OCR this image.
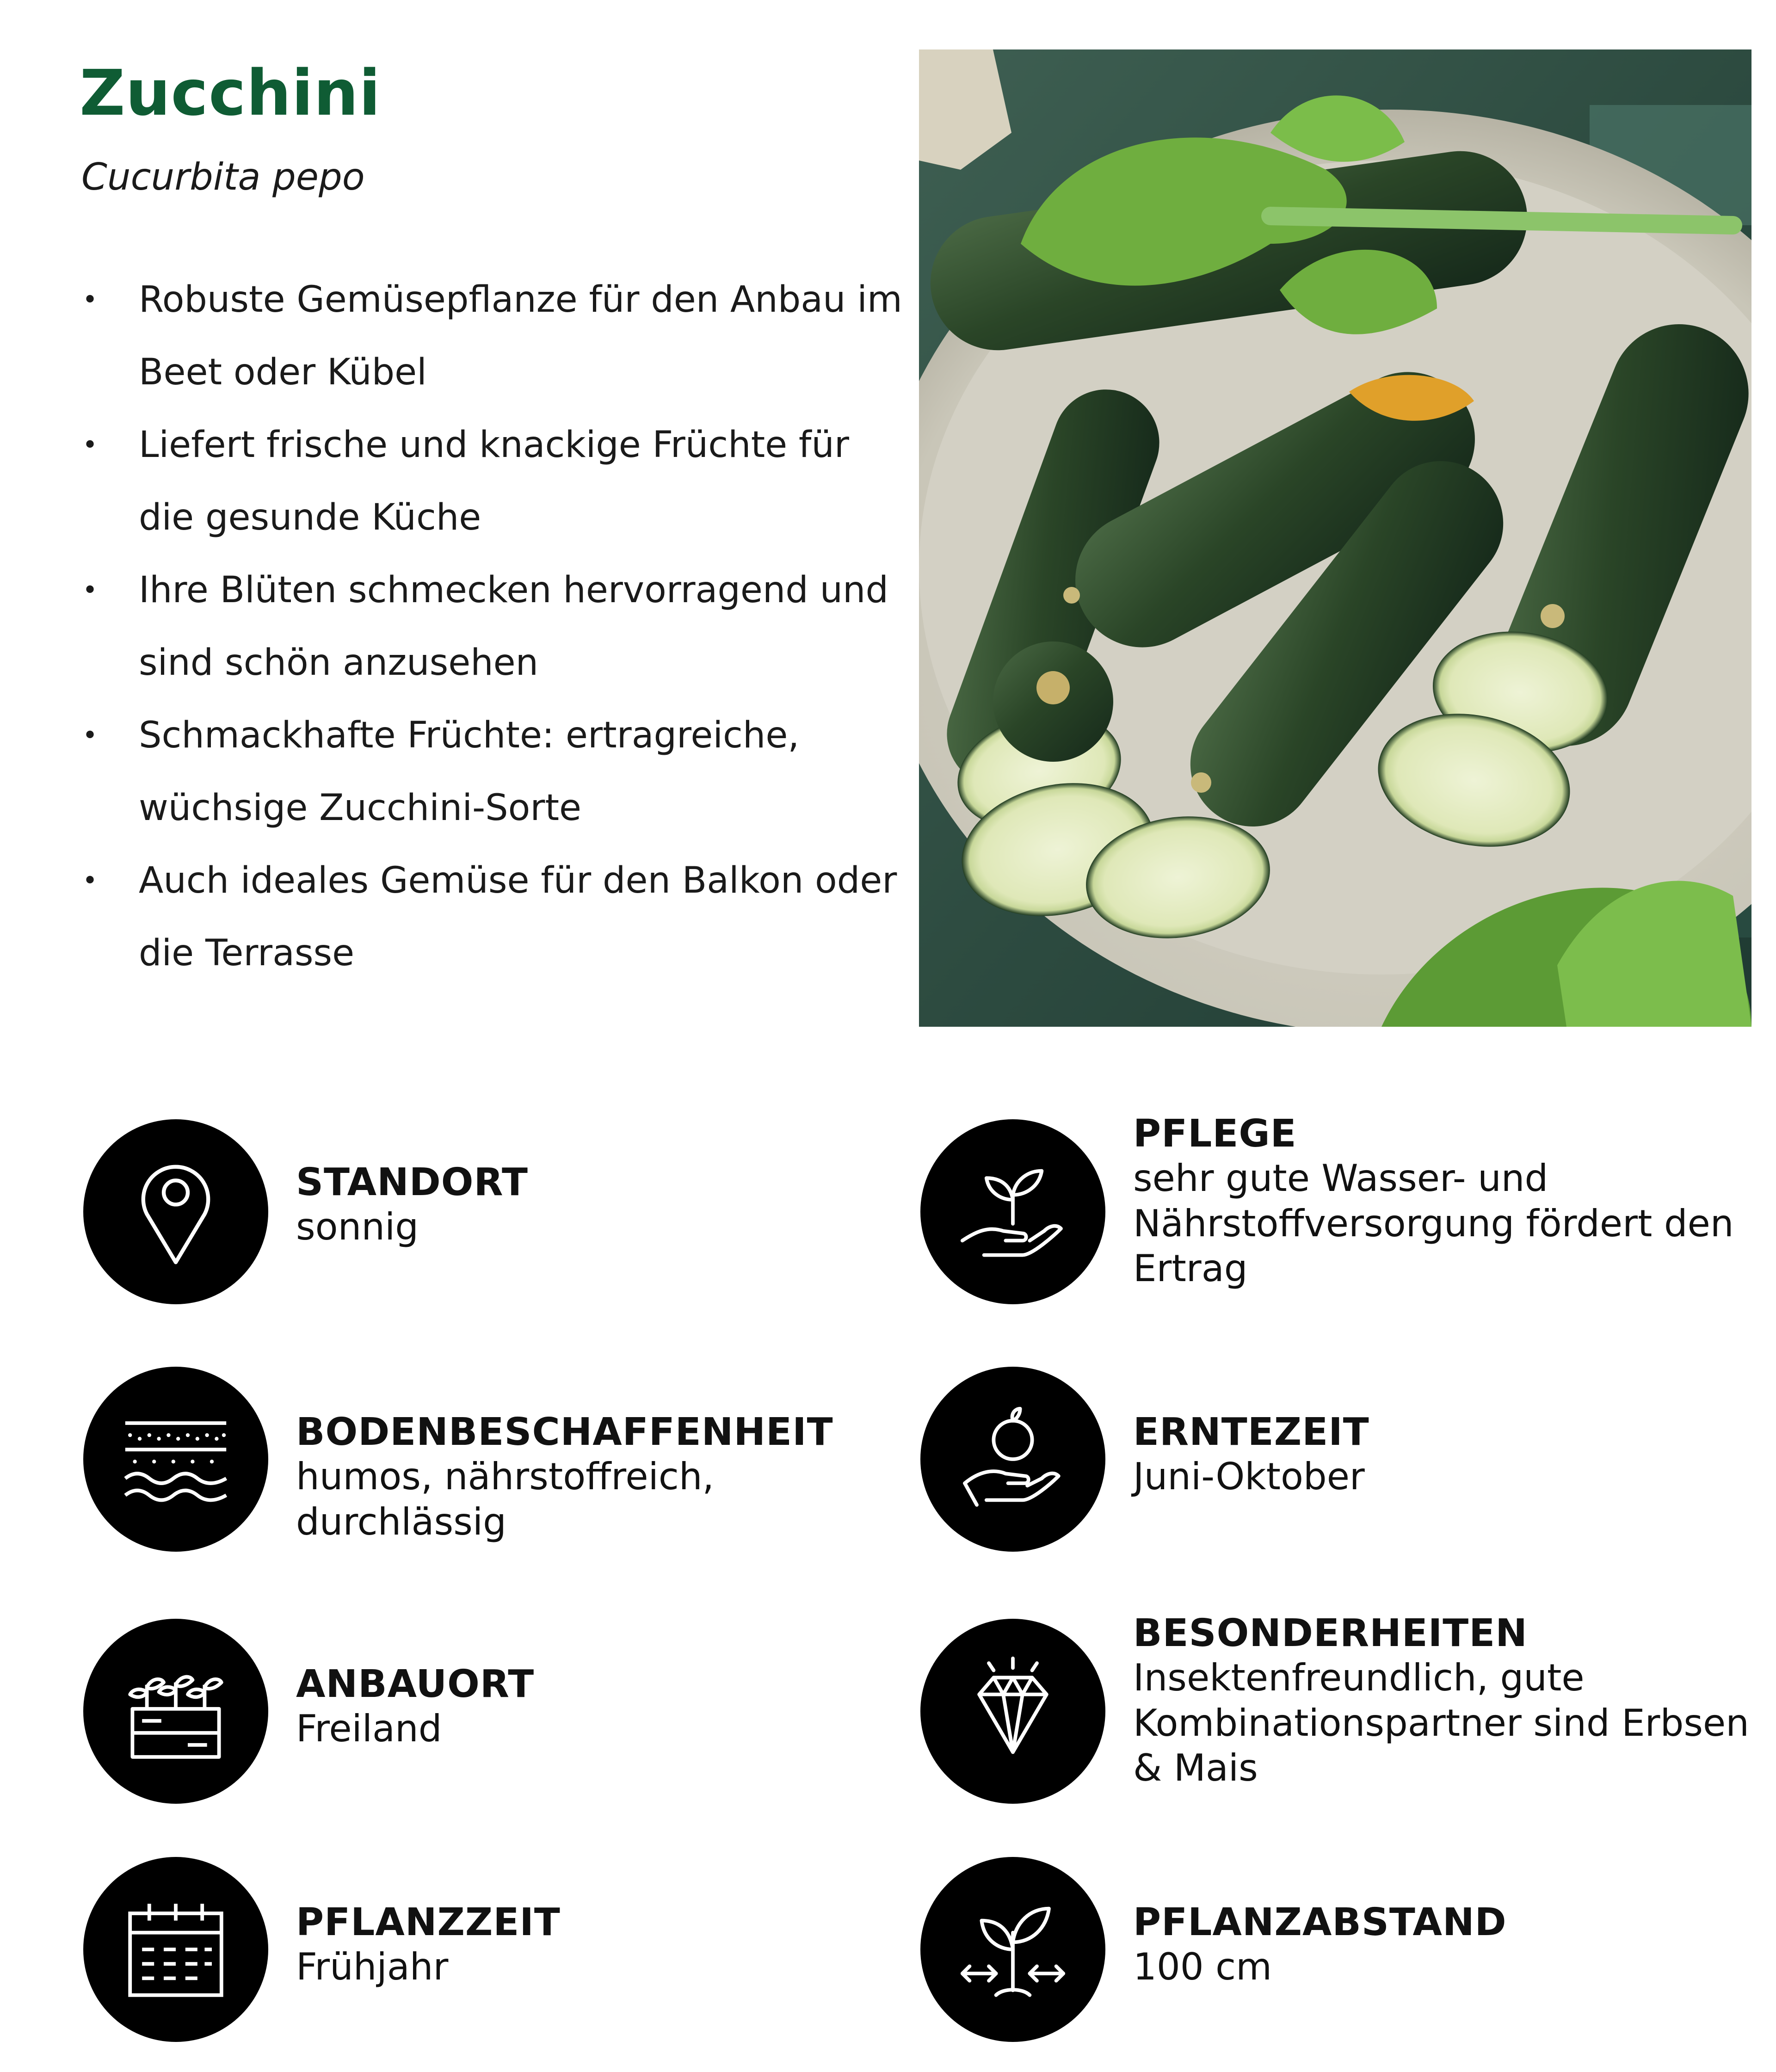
Zucchini

Cucurbita pepo

• Robuste Gemüsepflanze für den Anbau im Beet oder Kübel
• Liefert frische und knackige Früchte für die gesunde Küche
• Ihre Blüten schmecken hervorragend und sind schön anzusehen
• Schmackhafte Früchte: ertragreiche, wüchsige Zucchini-Sorte
• Auch ideales Gemüse für den Balkon oder die Terrasse
STANDORT
sonnig
BODENBESCHAFFENHEIT
humos, nährstoffreich, durchlässig
ANBAUORT
Freiland
PFLANZZEIT
Frühjahr
PFLEGE
sehr gute Wasser- und Nährstoffversorgung fördert den Ertrag
ERNTEZEIT
Juni-Oktober
BESONDERHEITEN
Insektenfreundlich, gute Kombinationspartner sind Erbsen & Mais
PFLANZABSTAND
100 cm
